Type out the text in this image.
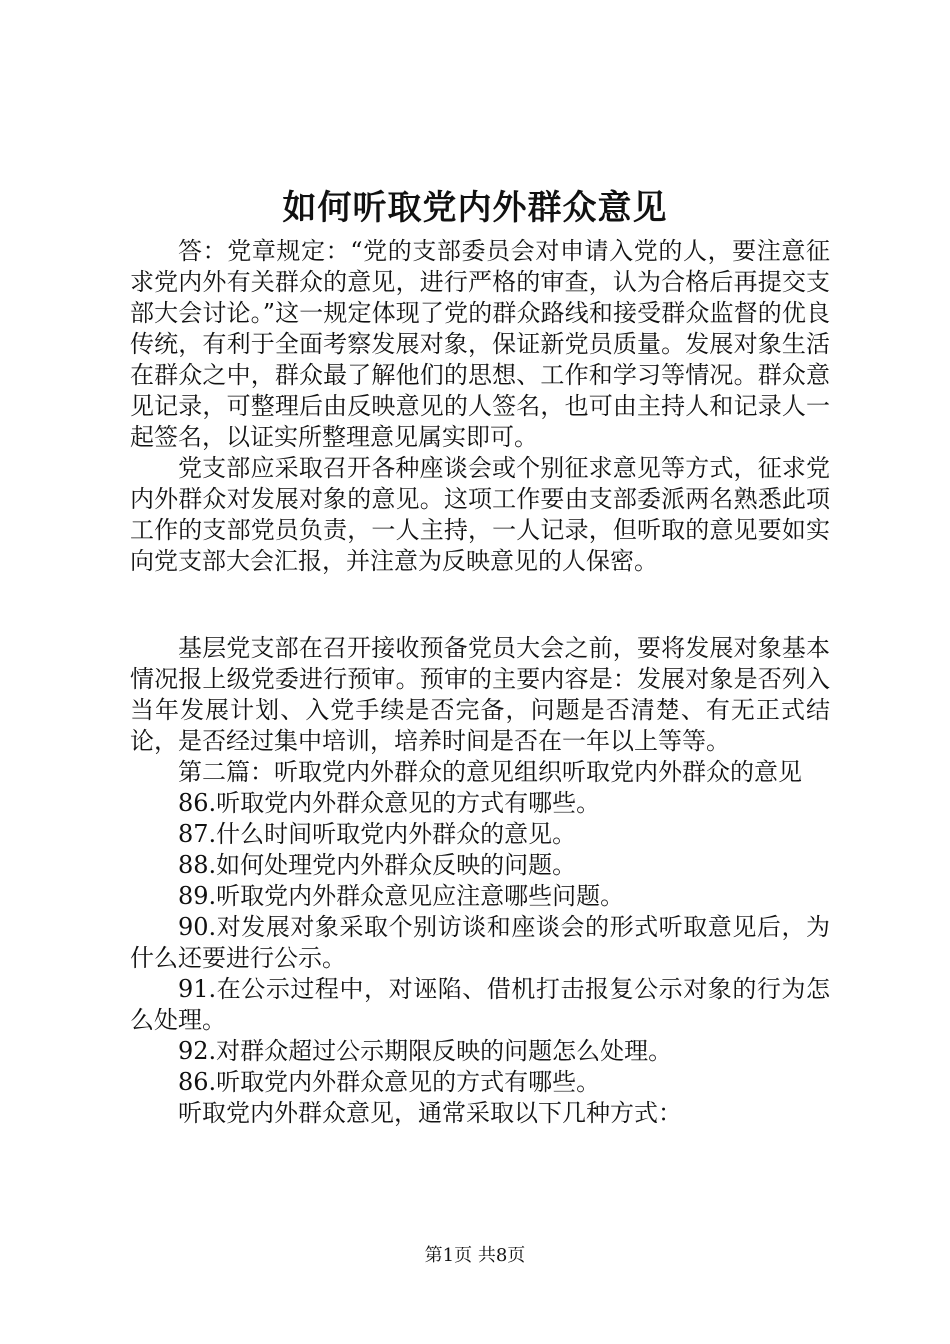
如何听取党内外群众意见

答：党章规定：“党的支部委员会对申请入党的人，要注意征求党内外有关群众的意见，进行严格的审查，认为合格后再提交支部大会讨论。”这一规定体现了党的群众路线和接受群众监督的优良传统，有利于全面考察发展对象，保证新党员质量。发展对象生活在群众之中，群众最了解他们的思想、工作和学习等情况。群众意见记录，可整理后由反映意见的人签名，也可由主持人和记录人一起签名，以证实所整理意见属实即可。

党支部应采取召开各种座谈会或个别征求意见等方式，征求党内外群众对发展对象的意见。这项工作要由支部委派两名熟悉此项工作的支部党员负责，一人主持，一人记录，但听取的意见要如实向党支部大会汇报，并注意为反映意见的人保密。

基层党支部在召开接收预备党员大会之前，要将发展对象基本情况报上级党委进行预审。预审的主要内容是：发展对象是否列入当年发展计划、入党手续是否完备，问题是否清楚、有无正式结论，是否经过集中培训，培养时间是否在一年以上等等。

第二篇：听取党内外群众的意见组织听取党内外群众的意见

86.听取党内外群众意见的方式有哪些。
87.什么时间听取党内外群众的意见。
88.如何处理党内外群众反映的问题。
89.听取党内外群众意见应注意哪些问题。
90.对发展对象采取个别访谈和座谈会的形式听取意见后，为什么还要进行公示。
91.在公示过程中，对诬陷、借机打击报复公示对象的行为怎么处理。
92.对群众超过公示期限反映的问题怎么处理。
86.听取党内外群众意见的方式有哪些。
听取党内外群众意见，通常采取以下几种方式：
第1页 共8页
